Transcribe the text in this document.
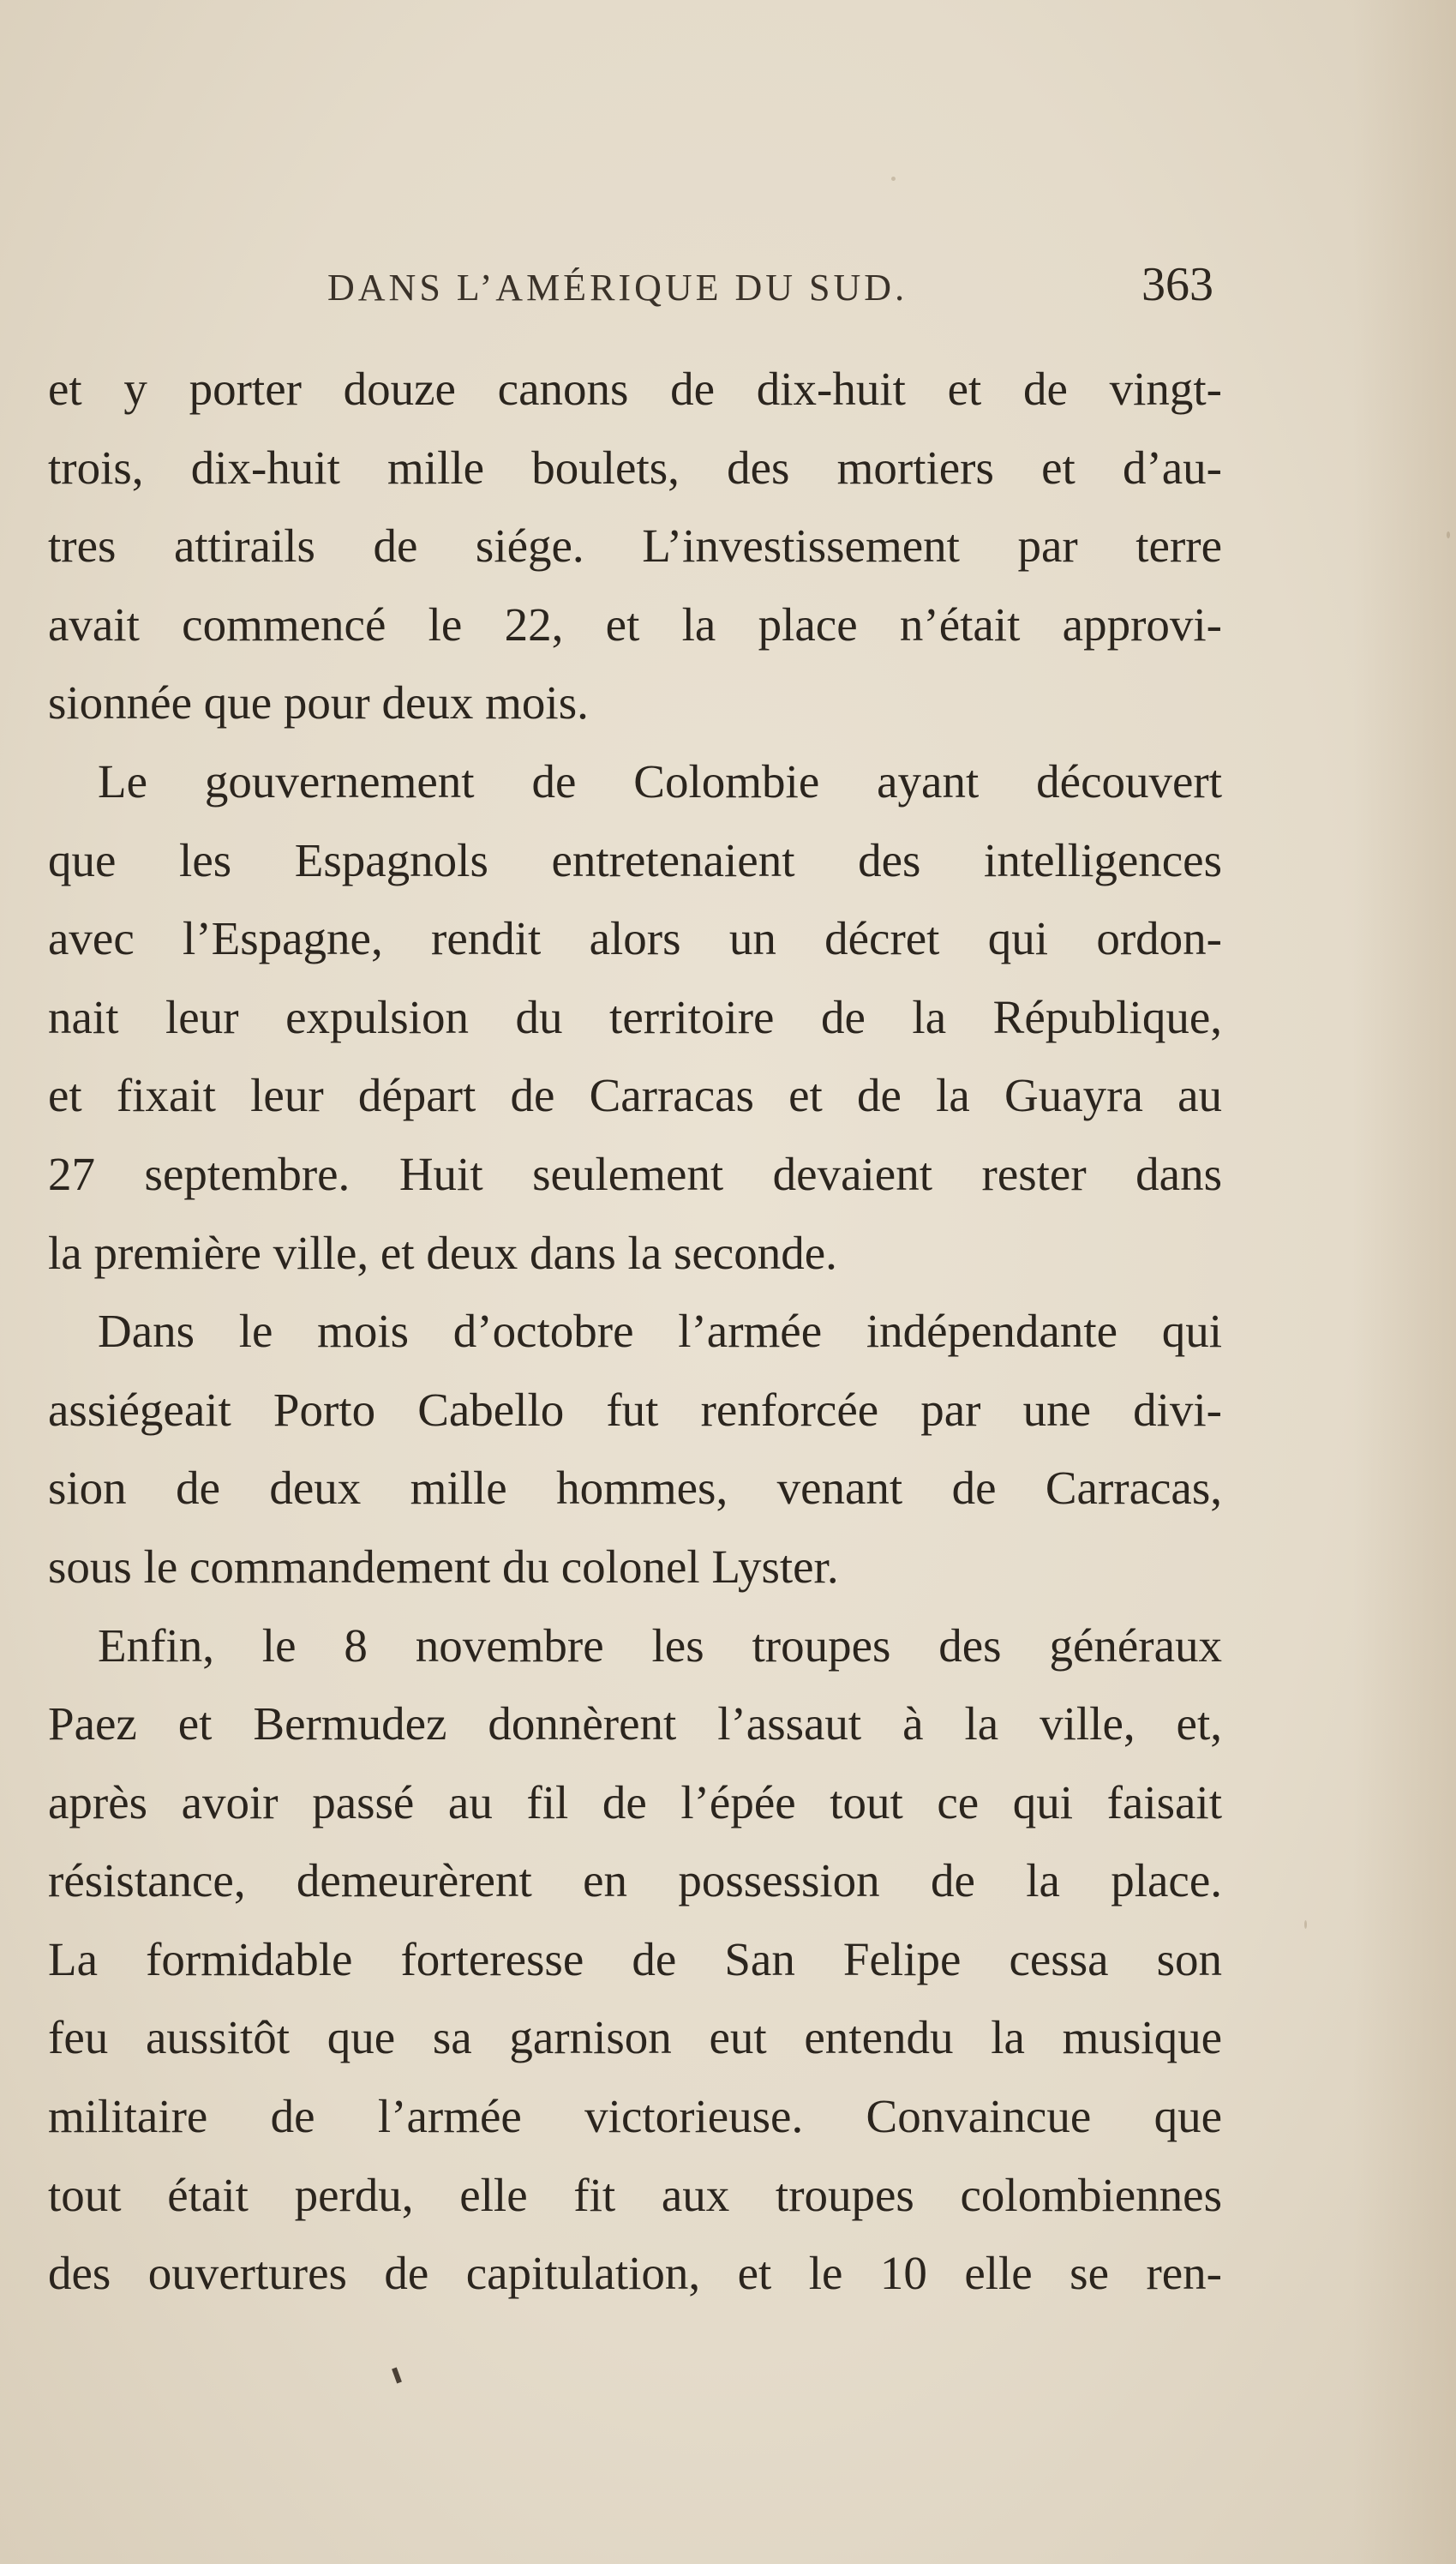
DANS L’AMÉRIQUE DU SUD.	363
et y porter douze canons de dix-huit et de vingt-
trois, dix-huit mille boulets, des mortiers et d’au-
tres attirails de siége. L’investissement par terre
avait commencé le 22, et la place n’était approvi-
sionnée que pour deux mois.
Le gouvernement de Colombie ayant découvert
que les Espagnols entretenaient des intelligences
avec l’Espagne, rendit alors un décret qui ordon-
nait leur expulsion du territoire de la République,
et fixait leur départ de Carracas et de la Guayra au
27 septembre. Huit seulement devaient rester dans
la première ville, et deux dans la seconde.
Dans le mois d’octobre l’armée indépendante qui
assiégeait Porto Cabello fut renforcée par une divi-
sion de deux mille hommes, venant de Carracas,
sous le commandement du colonel Lyster.
Enfin, le 8 novembre les troupes des généraux
Paez et Bermudez donnèrent l’assaut à la ville, et,
après avoir passé au fil de l’épée tout ce qui faisait
résistance, demeurèrent en possession de la place.
La formidable forteresse de San Felipe cessa son
feu aussitôt que sa garnison eut entendu la musique
militaire de l’armée victorieuse. Convaincue que
tout était perdu, elle fit aux troupes colombiennes
des ouvertures de capitulation, et le 10 elle se ren-
